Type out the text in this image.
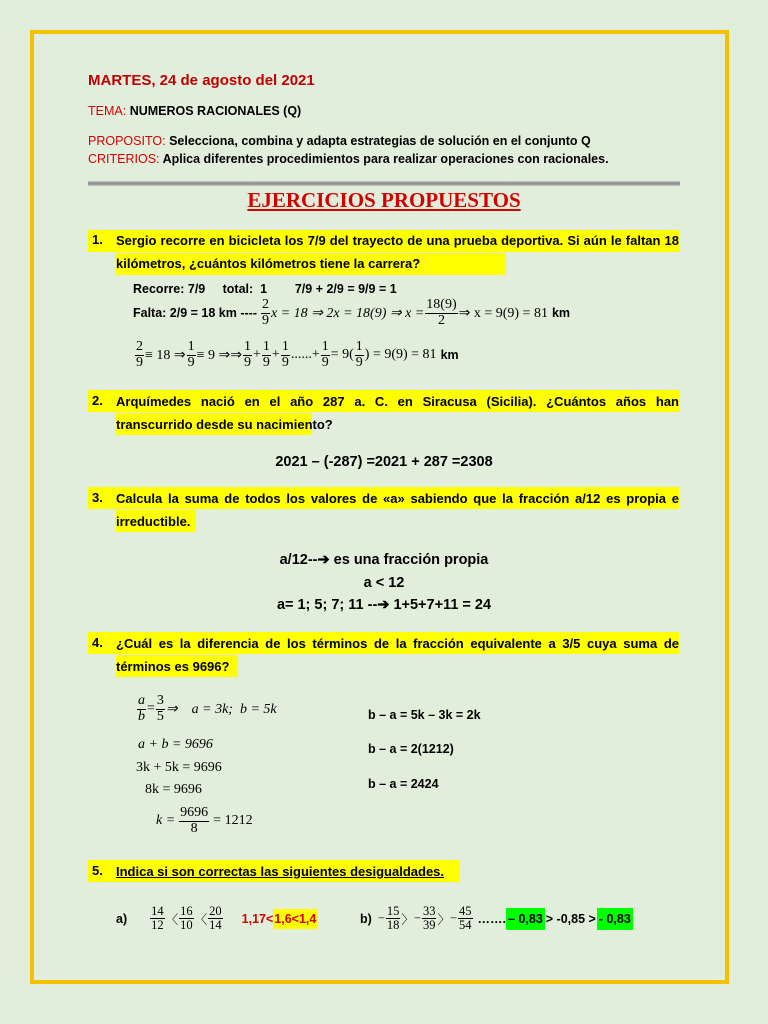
MARTES, 24 de agosto del 2021
TEMA: NUMEROS RACIONALES (Q)
PROPOSITO: Selecciona, combina y adapta estrategias de solución en el conjunto Q
CRITERIOS: Aplica diferentes procedimientos para realizar operaciones con racionales.
EJERCICIOS PROPUESTOS
1. Sergio recorre en bicicleta los 7/9 del trayecto de una prueba deportiva. Si aún le faltan 18 kilómetros, ¿cuántos kilómetros tiene la carrera?
Recorre: 7/9     total:  1        7/9 + 2/9 = 9/9 = 1
Falta: 2/9 = 18 km ---- $\frac{2}{9}$ x = 18 ⇒ 2x = 18(9) ⇒ $x = \frac{18(9)}{2}$ ⇒ x = 9(9) = 81 km
$\frac{2}{9} \equiv 18$ ⇒ $\frac{1}{9} \equiv 9$ ⇒⇒ $\frac{1}{9} + \frac{1}{9} + \frac{1}{9}$ ......+ $\frac{1}{9} = 9( \frac{1}{9}$ ) = 9(9) = 81 km
2. Arquímedes nació en el año 287 a. C. en Siracusa (Sicilia). ¿Cuántos años han transcurrido desde su nacimiento?
2021 – (-287) =2021 + 287 =2308
3. Calcula la suma de todos los valores de «a» sabiendo que la fracción a/12 es propia e irreductible.
a/12--➔ es una fracción propia
a < 12
a= 1; 5; 7; 11 --➔ 1+5+7+11 = 24
4. ¿Cuál es la diferencia de los términos de la fracción equivalente a 3/5 cuya suma de términos es 9696?
$\frac{a}{b} = \frac{3}{5}$ ⇒    a = 3k;  b = 5k
a + b = 9696
3k + 5k = 9696
8k = 9696
$k = \frac{9696}{8} = 1212$
b – a = 5k – 3k = 2k
b – a = 2(1212)
b – a = 2424
5. Indica si son correctas las siguientes desigualdades.
$a) \frac{14}{12}$ 〈 $\frac{16}{10}$ 〈 $\frac{20}{14} 1,17< 1,6<1,4$	$b) - \frac{15}{18}$ 〉 − $\frac{33}{39}$ 〉 − $\frac{45}{54}$ ……. – 0,83 > -0,85 > - 0,83
